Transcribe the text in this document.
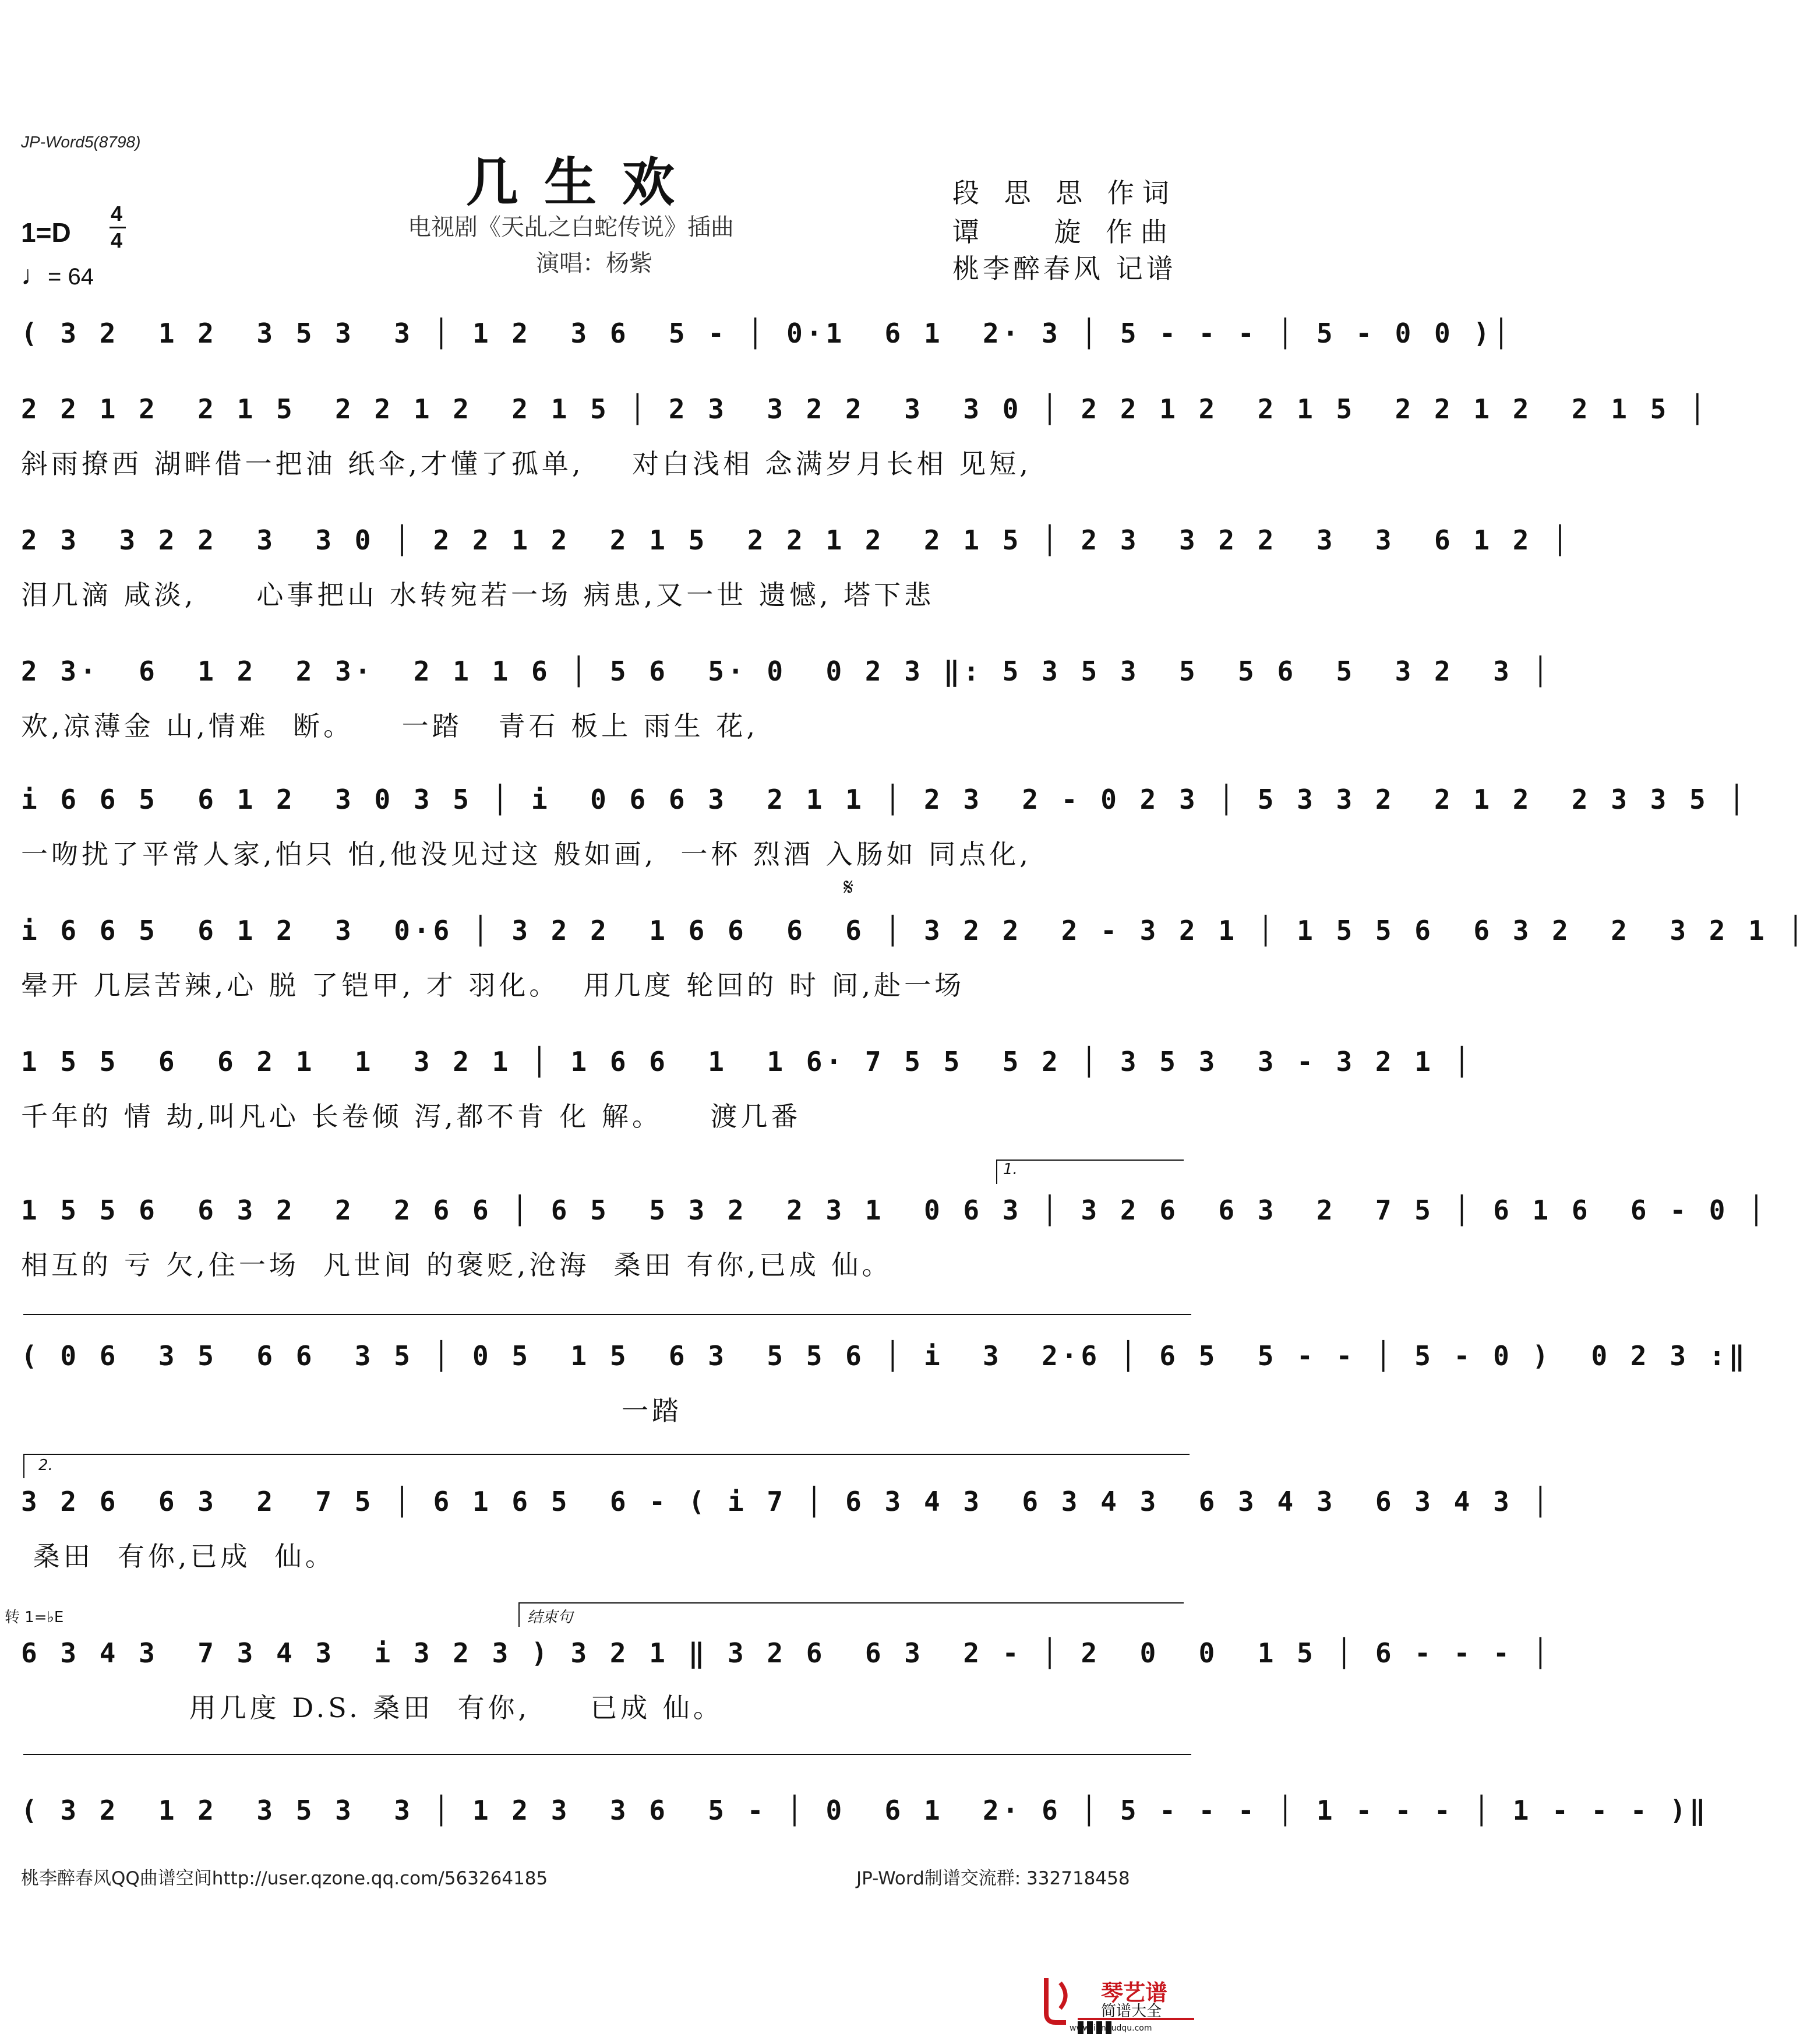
JP-Word5(8798)
几生欢
电视剧《天乩之白蛇传说》插曲
演唱：杨紫
1=D
4
4
♩= 64
段 思 思 作词
谭    旋 作曲
桃李醉春风 记谱
( 3 2  1 2  3 5 3  3 │ 1 2  3 6  5 - │ 0·1  6 1  2· 3 │ 5 - - - │ 5 - 0 0 )│
2 2 1 2  2 1 5  2 2 1 2  2 1 5 │ 2 3  3 2 2  3  3 0 │ 2 2 1 2  2 1 5  2 2 1 2  2 1 5 │
斜雨撩西 湖畔借一把油 纸伞,才懂了孤单,    对白浅相 念满岁月长相 见短,
2 3  3 2 2  3  3 0 │ 2 2 1 2  2 1 5  2 2 1 2  2 1 5 │ 2 3  3 2 2  3  3  6 1 2 │
泪几滴 咸淡,     心事把山 水转宛若一场 病患,又一世 遗憾, 塔下悲
2 3·  6  1 2  2 3·  2 1 1 6 │ 5 6  5· 0  0 2 3 ‖: 5 3 5 3  5  5 6  5  3 2  3 │
欢,凉薄金 山,情难  断。    一踏   青石 板上 雨生 花,
i 6 6 5  6 1 2  3 0 3 5 │ i  0 6 6 3  2 1 1 │ 2 3  2 - 0 2 3 │ 5 3 3 2  2 1 2  2 3 3 5 │
一吻扰了平常人家,怕只 怕,他没见过这 般如画,  一杯 烈酒 入肠如 同点化,
𝄋
i 6 6 5  6 1 2  3  0·6 │ 3 2 2  1 6 6  6  6 │ 3 2 2  2 - 3 2 1 │ 1 5 5 6  6 3 2  2  3 2 1 │
晕开 几层苦辣,心 脱 了铠甲, 才 羽化。  用几度 轮回的 时 间,赴一场
1 5 5  6  6 2 1  1  3 2 1 │ 1 6 6  1  1 6· 7 5 5  5 2 │ 3 5 3  3 - 3 2 1 │
千年的 情 劫,叫凡心 长卷倾 泻,都不肯 化 解。    渡几番
1.
1 5 5 6  6 3 2  2  2 6 6 │ 6 5  5 3 2  2 3 1  0 6 3 │ 3 2 6  6 3  2  7 5 │ 6 1 6  6 - 0 │
相互的 亏 欠,住一场  凡世间 的褒贬,沧海  桑田 有你,已成 仙。
( 0 6  3 5  6 6  3 5 │ 0 5  1 5  6 3  5 5 6 │ i  3  2·6 │ 6 5  5 - - │ 5 - 0 )  0 2 3 :‖
一踏
2.
3 2 6  6 3  2  7 5 │ 6 1 6 5  6 - ( i 7 │ 6 3 4 3  6 3 4 3  6 3 4 3  6 3 4 3 │
桑田  有你,已成  仙。
转 1=♭E	结束句
6 3 4 3  7 3 4 3  i 3 2 3 ) 3 2 1 ‖ 3 2 6  6 3  2 - │ 2  0  0  1 5 │ 6 - - - │
用几度 D.S. 桑田  有你,     已成 仙。
( 3 2  1 2  3 5 3  3 │ 1 2 3  3 6  5 - │ 0  6 1  2· 6 │ 5 - - - │ 1 - - - │ 1 - - - )‖
桃李醉春风QQ曲谱空间http://user.qzone.qq.com/563264185	JP-Word制谱交流群: 332718458
琴艺谱
简谱大全
www.jianpudqu.com
